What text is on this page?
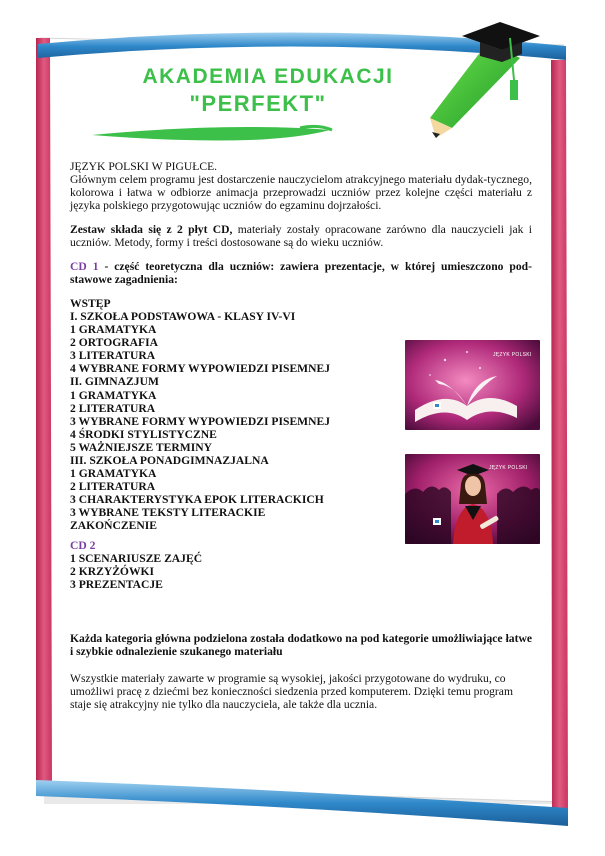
AKADEMIA EDUKACJI
"PERFEKT"

JĘZYK POLSKI W PIGUŁCE.

Głównym celem programu jest dostarczenie nauczycielom atrakcyjnego materiału dydak-tycznego, kolorowa i łatwa w odbiorze animacja przeprowadzi uczniów przez kolejne części materiału z języka polskiego przygotowując uczniów do egzaminu dojrzałości.

Zestaw składa się z 2 płyt CD, materiały zostały opracowane zarówno dla nauczycieli jak i uczniów. Metody, formy i treści dostosowane są do wieku uczniów.

CD 1 - część teoretyczna dla uczniów: zawiera prezentacje, w której umieszczono pod-stawowe zagadnienia:

WSTĘP
I. SZKOŁA PODSTAWOWA - KLASY IV-VI
1 GRAMATYKA
2 ORTOGRAFIA
3 LITERATURA
4 WYBRANE FORMY WYPOWIEDZI PISEMNEJ
II. GIMNAZJUM
1 GRAMATYKA
2 LITERATURA
3 WYBRANE FORMY WYPOWIEDZI PISEMNEJ
4 ŚRODKI STYLISTYCZNE
5 WAŻNIEJSZE TERMINY
III. SZKOŁA PONADGIMNAZJALNA
1 GRAMATYKA
2 LITERATURA
3 CHARAKTERYSTYKA EPOK LITERACKICH
3 WYBRANE TEKSTY LITERACKIE
ZAKOŃCZENIE
CD 2
1 SCENARIUSZE ZAJĘĆ
2 KRZYŻÓWKI
3 PREZENTACJE

Każda kategoria główna podzielona została dodatkowo na pod kategorie umożliwiające łatwe i szybkie odnalezienie szukanego materiału

Wszystkie materiały zawarte w programie są wysokiej, jakości przygotowane do wydruku, co umożliwi pracę z dziećmi bez konieczności siedzenia przed komputerem. Dzięki temu program staje się atrakcyjny nie tylko dla nauczyciela, ale także dla ucznia.

JĘZYK POLSKI
JĘZYK POLSKI
